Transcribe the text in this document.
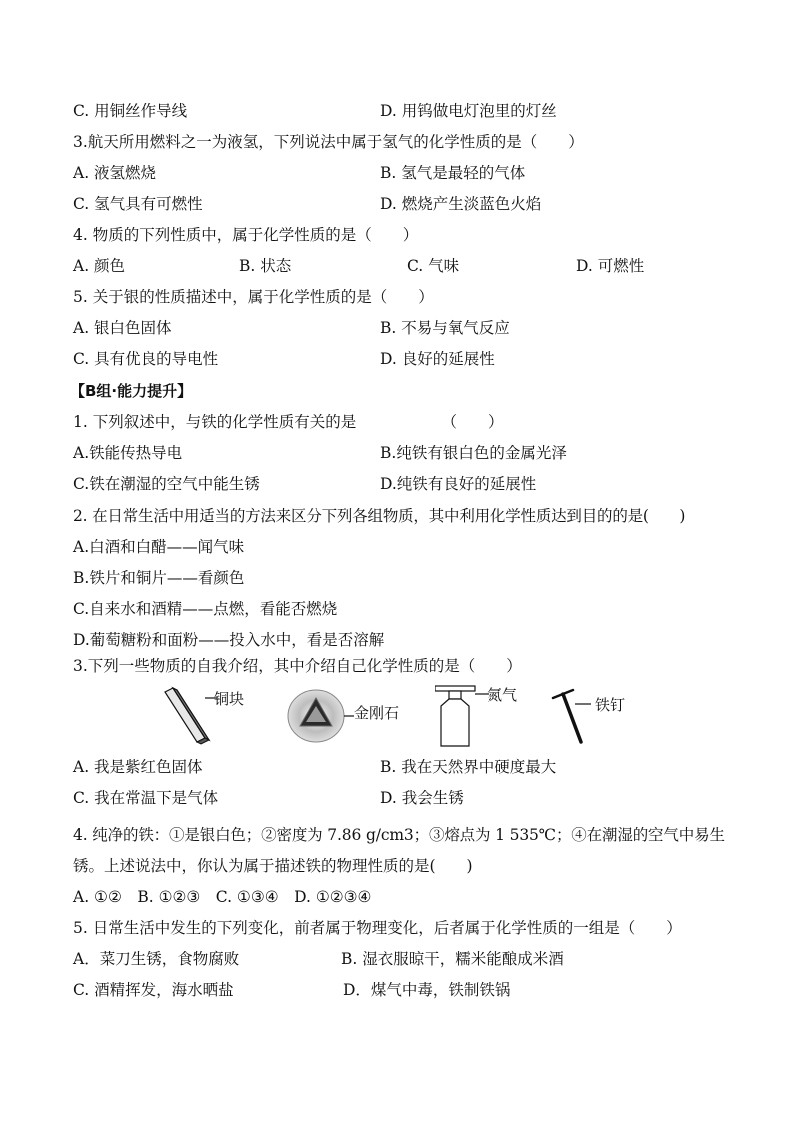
C. 用铜丝作导线	D. 用钨做电灯泡里的灯丝
3.航天所用燃料之一为液氢，下列说法中属于氢气的化学性质的是（　　）
A. 液氢燃烧	B. 氢气是最轻的气体
C. 氢气具有可燃性	D. 燃烧产生淡蓝色火焰
4. 物质的下列性质中，属于化学性质的是（　　）
A. 颜色	B. 状态	C. 气味	D. 可燃性
5. 关于银的性质描述中，属于化学性质的是（　　）
A. 银白色固体	B. 不易与氧气反应
C. 具有优良的导电性	D. 良好的延展性
【B组·能力提升】
1. 下列叙述中，与铁的化学性质有关的是　　　　　　（　　）
A.铁能传热导电	B.纯铁有银白色的金属光泽
C.铁在潮湿的空气中能生锈	D.纯铁有良好的延展性
2. 在日常生活中用适当的方法来区分下列各组物质，其中利用化学性质达到目的的是(　　)
A.白酒和白醋——闻气味
B.铁片和铜片——看颜色
C.自来水和酒精——点燃，看能否燃烧
D.葡萄糖粉和面粉——投入水中，看是否溶解
3.下列一些物质的自我介绍，其中介绍自己化学性质的是（　　）
铜块
金刚石
氮气
铁钉
A. 我是紫红色固体	B. 我在天然界中硬度最大
C. 我在常温下是气体	D. 我会生锈
4. 纯净的铁：①是银白色；②密度为 7.86 g/cm3；③熔点为 1 535℃；④在潮湿的空气中易生
锈。上述说法中，你认为属于描述铁的物理性质的是(　　)
A. ①②　B. ①②③　C. ①③④　D. ①②③④
5. 日常生活中发生的下列变化，前者属于物理变化，后者属于化学性质的一组是（　　）
A．菜刀生锈，食物腐败	B. 湿衣服晾干，糯米能酿成米酒
C. 酒精挥发，海水晒盐	D．煤气中毒，铁制铁锅
